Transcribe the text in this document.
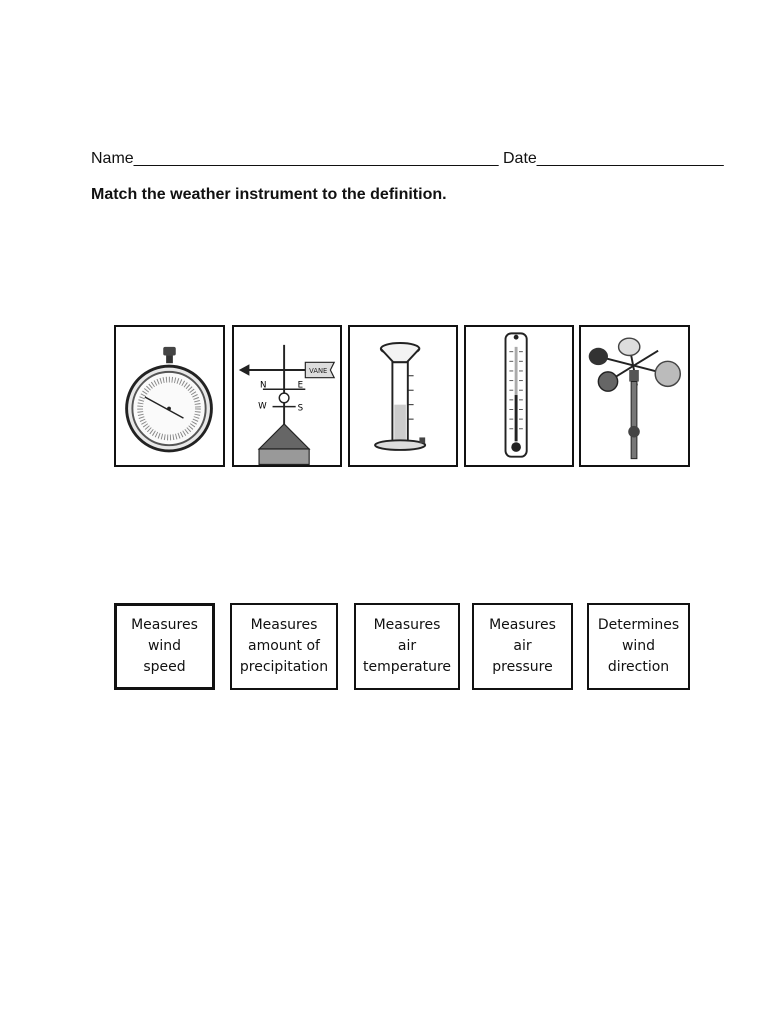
Name_________________________________________ Date_____________________
Match the weather instrument to the definition.
VANE
N	E
W	S
Measures
wind
speed
Measures
amount of
precipitation
Measures
air
temperature
Measures
air
pressure
Determines
wind
direction
